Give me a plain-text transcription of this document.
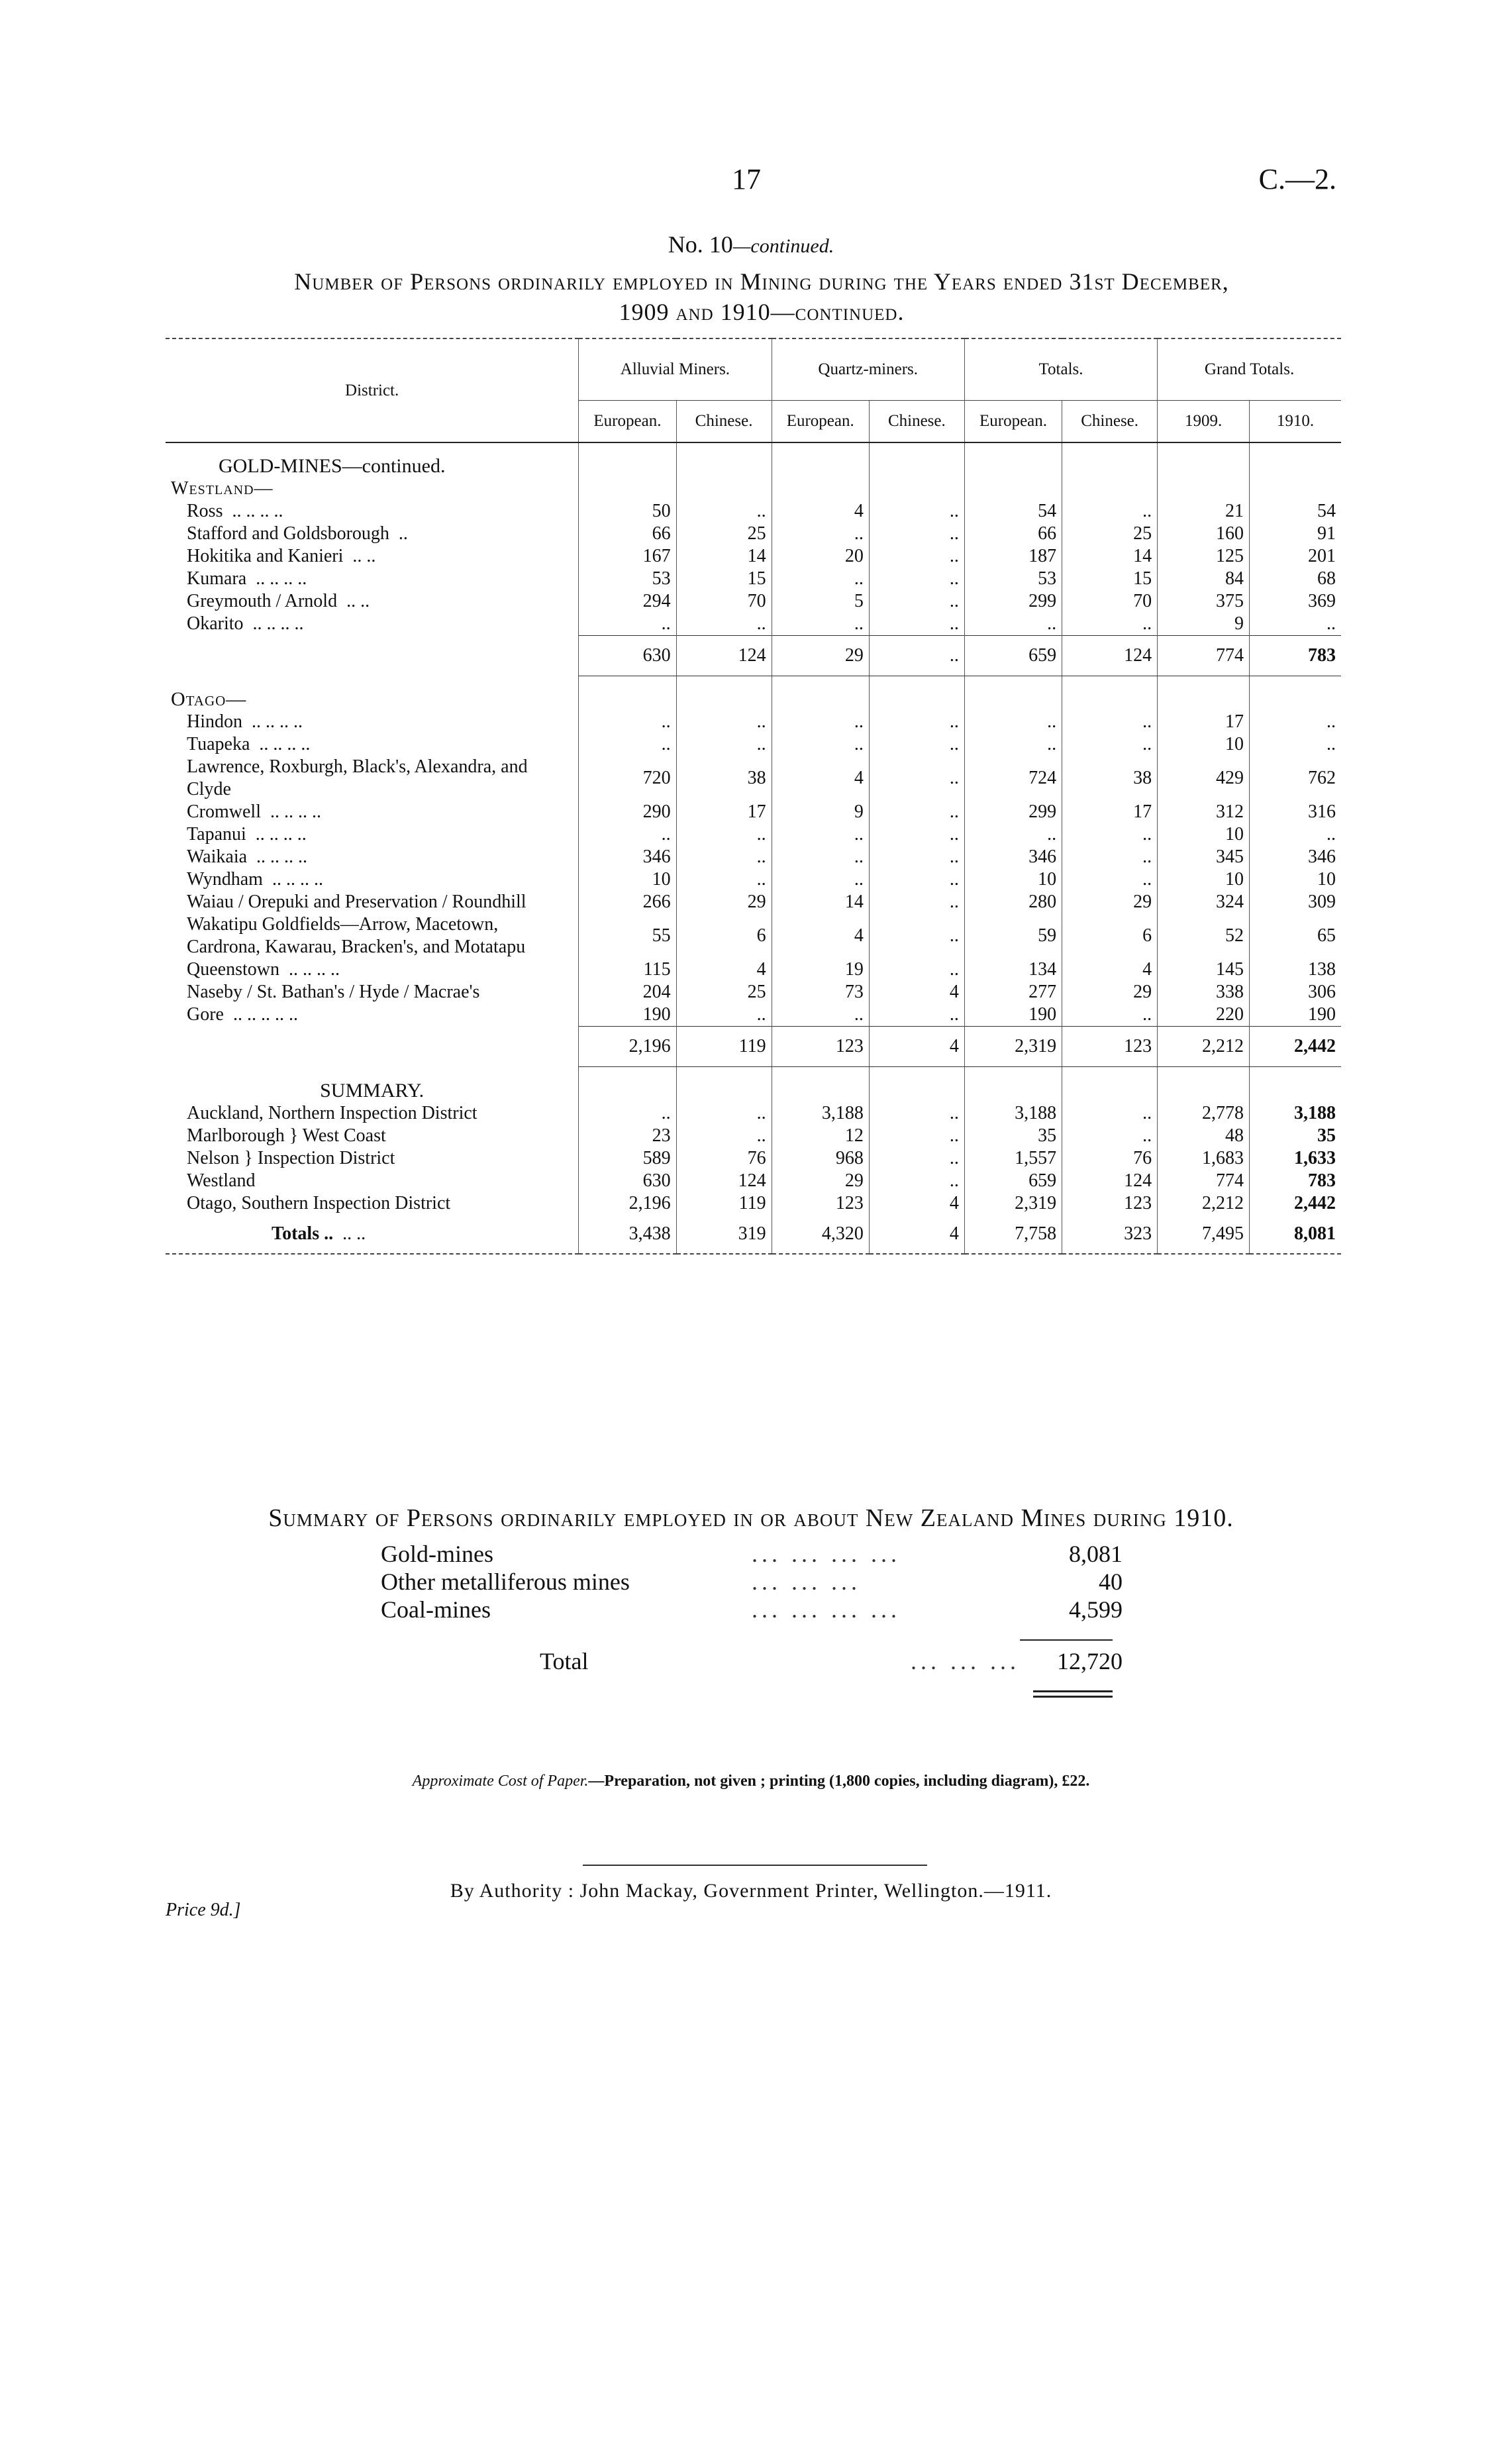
17	C.—2.
No. 10—continued.
Number of Persons ordinarily employed in Mining during the Years ended 31st December,
1909 and 1910—continued.
District.	Alluvial Miners.		Quartz-miners.		Totals.		Grand Totals.	
	European.	Chinese.	European.	Chinese.	European.	Chinese.	1909.	1910.
GOLD-MINES—continued.								
Westland—								
Ross .. .. .. ..	50	..	4	..	54	..	21	54
Stafford and Goldsborough ..	66	25	..	..	66	25	160	91
Hokitika and Kanieri .. ..	167	14	20	..	187	14	125	201
Kumara .. .. .. ..	53	15	..	..	53	15	84	68
Greymouth / Arnold .. ..	294	70	5	..	299	70	375	369
Okarito .. .. .. ..	..	..	..	..	..	..	9	..
	630	124	29	..	659	124	774	783
Otago—								
Hindon .. .. .. ..	..	..	..	..	..	..	17	..
Tuapeka .. .. .. ..	..	..	..	..	..	..	10	..
Lawrence, Roxburgh, Black's, Alexandra, and Clyde	720	38	4	..	724	38	429	762
Cromwell .. .. .. ..	290	17	9	..	299	17	312	316
Tapanui .. .. .. ..	..	..	..	..	..	..	10	..
Waikaia .. .. .. ..	346	..	..	..	346	..	345	346
Wyndham .. .. .. ..	10	..	..	..	10	..	10	10
Waiau / Orepuki and Preservation / Roundhill	266	29	14	..	280	29	324	309
Wakatipu Goldfields—Arrow, Macetown, Cardrona, Kawarau, Bracken's, and Motatapu	55	6	4	..	59	6	52	65
Queenstown .. .. .. ..	115	4	19	..	134	4	145	138
Naseby / St. Bathan's / Hyde / Macrae's	204	25	73	4	277	29	338	306
Gore .. .. .. .. ..	190	..	..	..	190	..	220	190
	2,196	119	123	4	2,319	123	2,212	2,442
SUMMARY.								
Auckland, Northern Inspection District	..	..	3,188	..	3,188	..	2,778	3,188
Marlborough } West Coast	23	..	12	..	35	..	48	35
Nelson } Inspection District	589	76	968	..	1,557	76	1,683	1,633
Westland	630	124	29	..	659	124	774	783
Otago, Southern Inspection District	2,196	119	123	4	2,319	123	2,212	2,442
Totals .. .. ..	3,438	319	4,320	4	7,758	323	7,495	8,081
Summary of Persons ordinarily employed in or about New Zealand Mines during 1910.
Gold-mines	... ... ... ...	8,081
Other metalliferous mines	... ... ...	40
Coal-mines	... ... ... ...	4,599
Total	... ... ...	12,720
Approximate Cost of Paper.—Preparation, not given ; printing (1,800 copies, including diagram), £22.
By Authority : John Mackay, Government Printer, Wellington.—1911.
Price 9d.]
